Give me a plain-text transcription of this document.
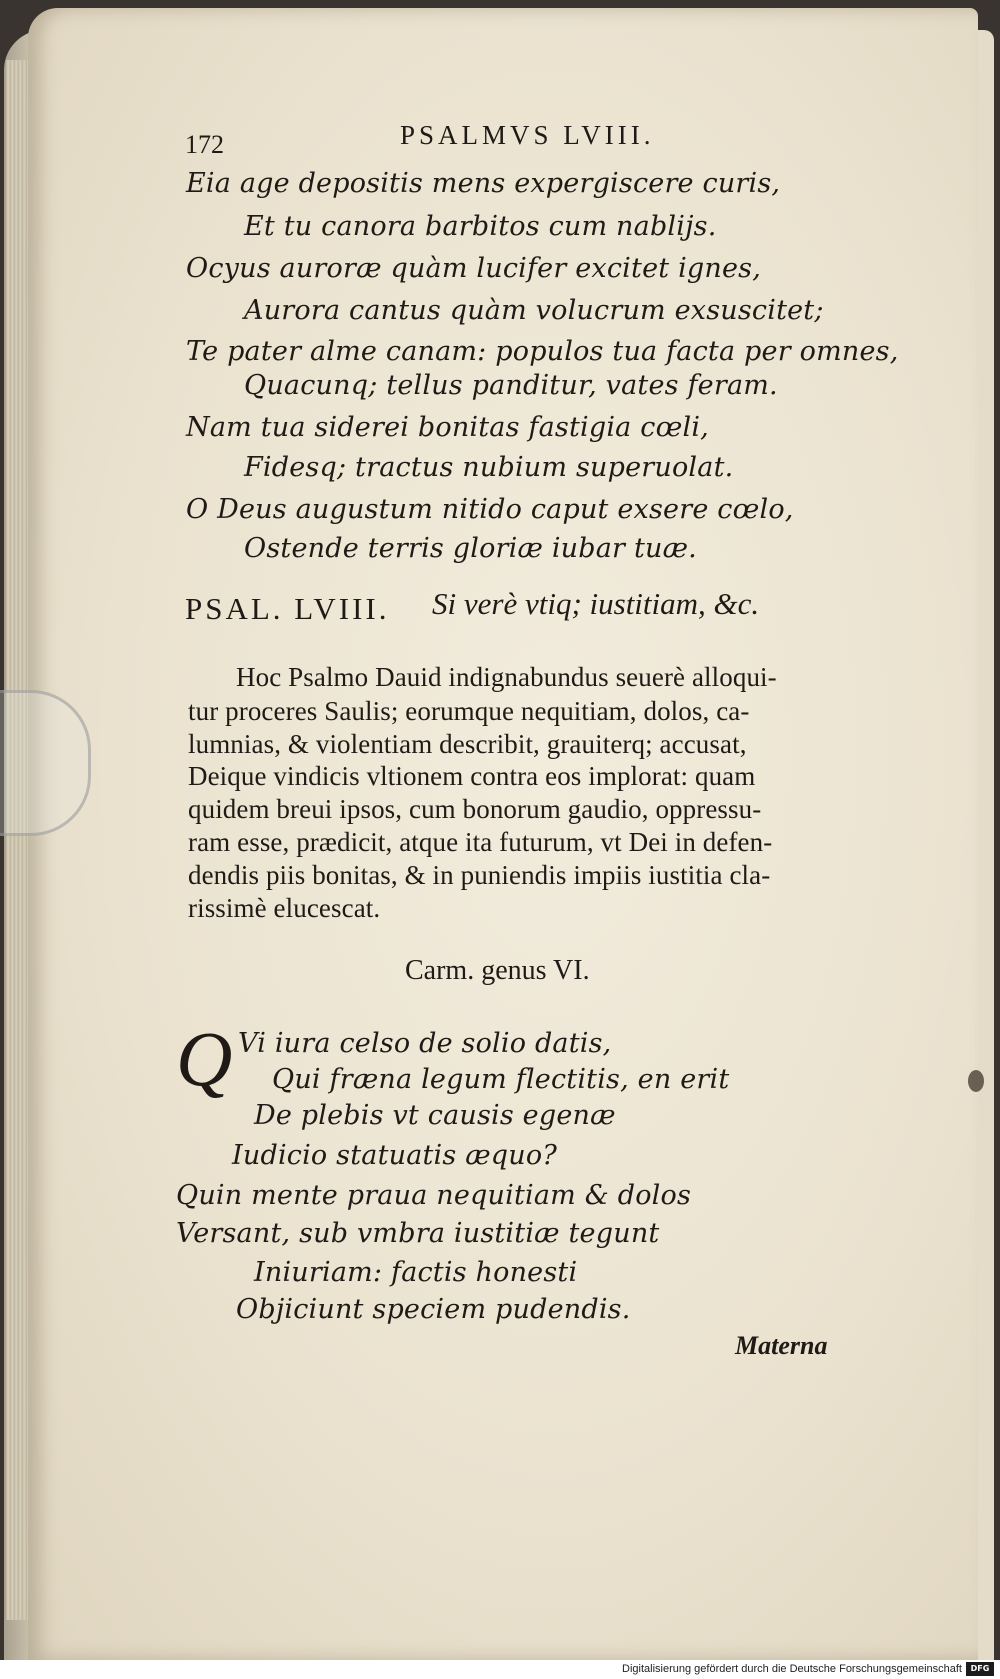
172	PSALMVS LVIII.

Eia age depositis mens expergiscere curis,

Et tu canora barbitos cum nablijs.

Ocyus auroræ quàm lucifer excitet ignes,

Aurora cantus quàm volucrum exsuscitet;

Te pater alme canam: populos tua facta per omnes,

Quacunq; tellus panditur, vates feram.

Nam tua siderei bonitas fastigia cœli,

Fidesq; tractus nubium superuolat.

O Deus augustum nitido caput exsere cœlo,

Ostende terris gloriæ iubar tuæ.

PSAL. LVIII. Si verè vtiq; iustitiam, &c.

Hoc Psalmo Dauid indignabundus seuerè alloqui-

tur proceres Saulis; eorumque nequitiam, dolos, ca-

lumnias, & violentiam describit, grauiterq; accusat,

Deique vindicis vltionem contra eos implorat: quam

quidem breui ipsos, cum bonorum gaudio, oppressu-

ram esse, prædicit, atque ita futurum, vt Dei in defen-

dendis piis bonitas, & in puniendis impiis iustitia cla-

rissimè elucescat.

Carm. genus VI.

Q Vi iura celso de solio datis,

Qui fræna legum flectitis, en erit

De plebis vt causis egenæ

Iudicio statuatis æquo?

Quin mente praua nequitiam & dolos

Versant, sub vmbra iustitiæ tegunt

Iniuriam: factis honesti

Objiciunt speciem pudendis.

Materna

Digitalisierung gefördert durch die Deutsche Forschungsgemeinschaft	DFG
